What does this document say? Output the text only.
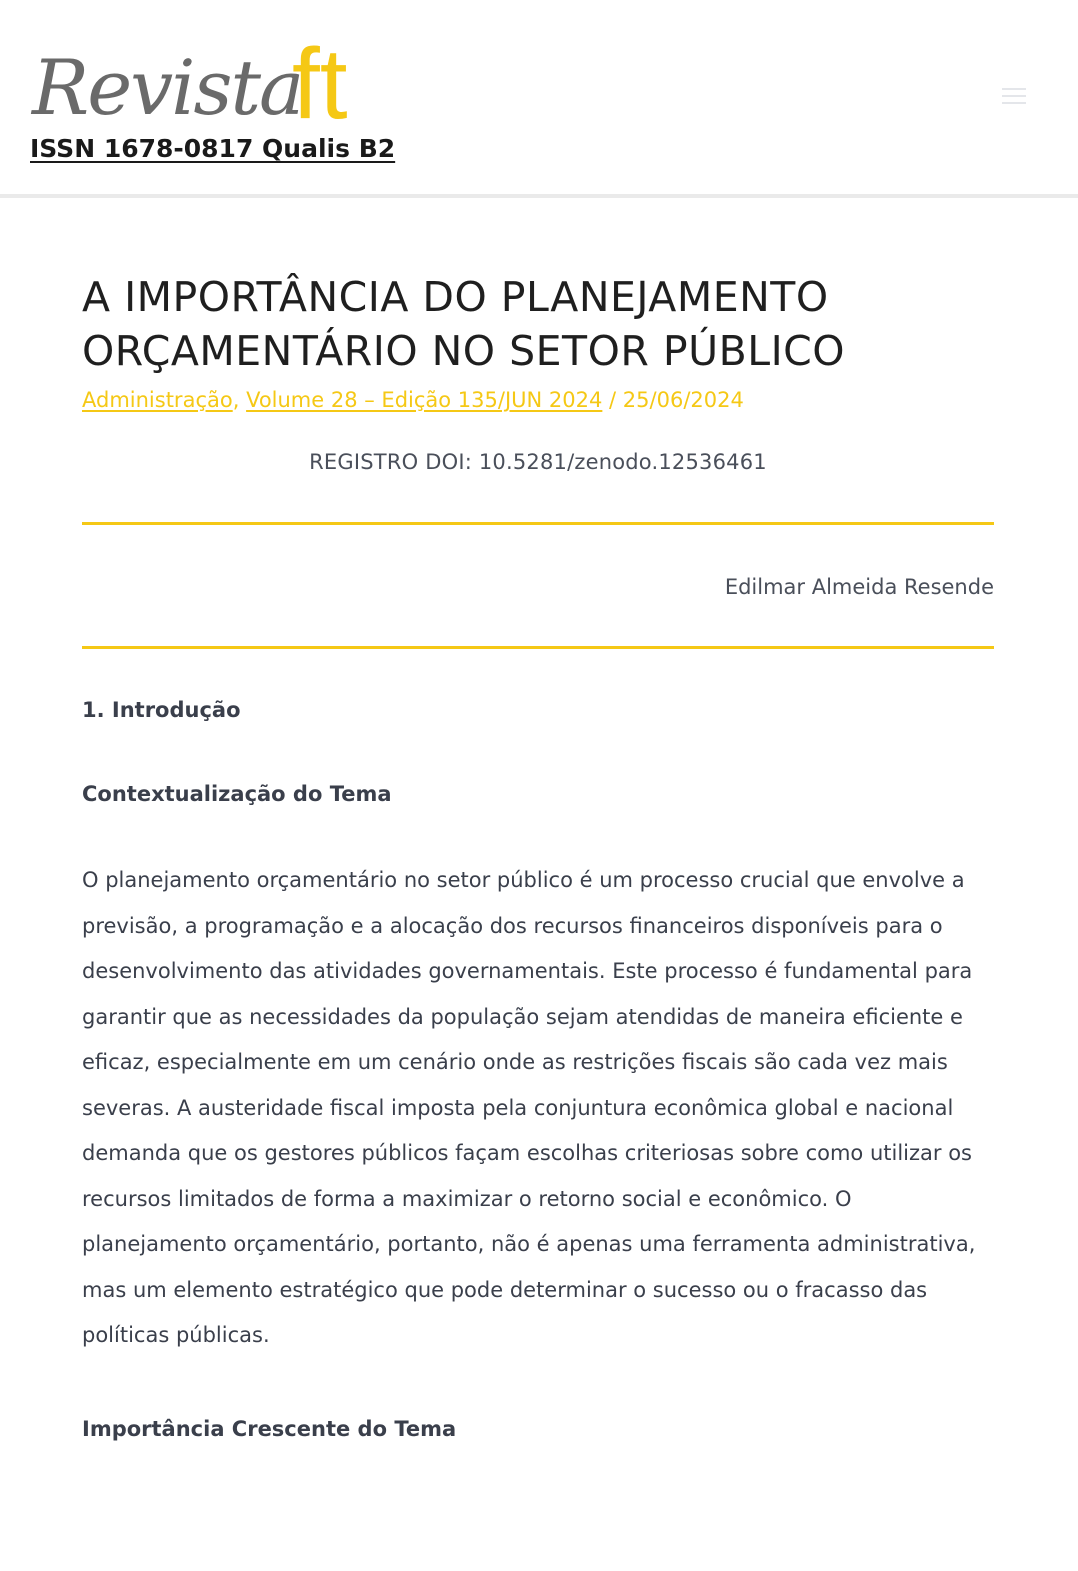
Revista
ft
ISSN 1678-0817 Qualis B2
A IMPORTÂNCIA DO PLANEJAMENTO ORÇAMENTÁRIO NO SETOR PÚBLICO
Administração, Volume 28 – Edição 135/JUN 2024 / 25/06/2024
REGISTRO DOI: 10.5281/zenodo.12536461
Edilmar Almeida Resende
1. Introdução
Contextualização do Tema

O planejamento orçamentário no setor público é um processo crucial que envolve a previsão, a programação e a alocação dos recursos financeiros disponíveis para o desenvolvimento das atividades governamentais. Este processo é fundamental para garantir que as necessidades da população sejam atendidas de maneira eficiente e eficaz, especialmente em um cenário onde as restrições fiscais são cada vez mais severas. A austeridade fiscal imposta pela conjuntura econômica global e nacional demanda que os gestores públicos façam escolhas criteriosas sobre como utilizar os recursos limitados de forma a maximizar o retorno social e econômico. O planejamento orçamentário, portanto, não é apenas uma ferramenta administrativa, mas um elemento estratégico que pode determinar o sucesso ou o fracasso das políticas públicas.

Importância Crescente do Tema
